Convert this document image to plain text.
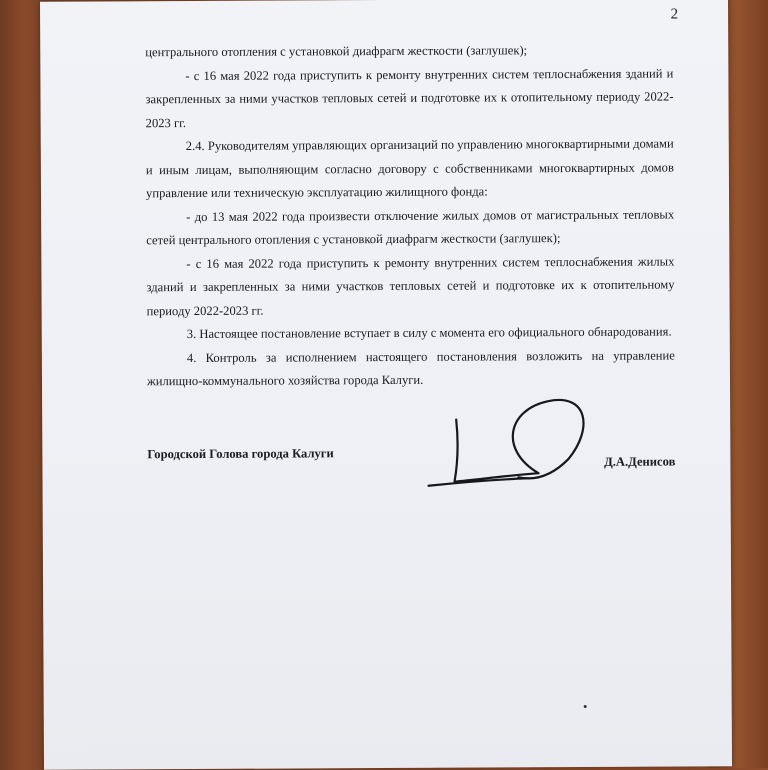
2

центрального отопления с установкой диафрагм жесткости (заглушек);

- с 16 мая 2022 года приступить к ремонту внутренних систем теплоснабжения зданий и закрепленных за ними участков тепловых сетей и подготовке их к отопительному периоду 2022-2023 гг.

2.4. Руководителям управляющих организаций по управлению многоквартирными домами и иным лицам, выполняющим согласно договору с собственниками многоквартирных домов управление или техническую эксплуатацию жилищного фонда:

- до 13 мая 2022 года произвести отключение жилых домов от магистральных тепловых сетей центрального отопления с установкой диафрагм жесткости (заглушек);

- с 16 мая 2022 года приступить к ремонту внутренних систем теплоснабжения жилых зданий и закрепленных за ними участков тепловых сетей и подготовке их к отопительному периоду 2022-2023 гг.

3. Настоящее постановление вступает в силу с момента его официального обнародования.

4. Контроль за исполнением настоящего постановления возложить на управление жилищно-коммунального хозяйства города Калуги.

Городской Голова города Калуги
Д.А.Денисов
